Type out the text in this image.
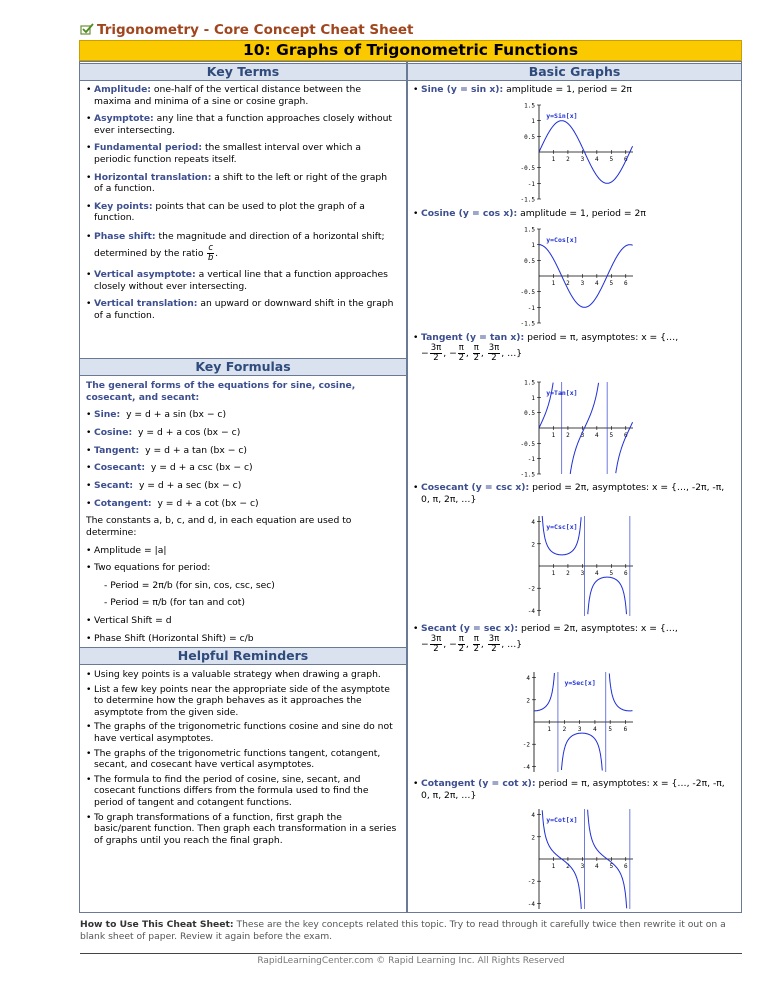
Trigonometry - Core Concept Cheat Sheet
10: Graphs of Trigonometric Functions
Key Terms	Basic Graphs
Key Formulas
Helpful Reminders
• Amplitude: one-half of the vertical distance between the maxima and minima of a sine or cosine graph.
• Asymptote: any line that a function approaches closely without ever intersecting.
• Fundamental period: the smallest interval over which a periodic function repeats itself.
• Horizontal translation: a shift to the left or right of the graph of a function.
• Key points: points that can be used to plot the graph of a function.
• Phase shift: the magnitude and direction of a horizontal shift; determined by the ratio $\frac{c}{b}$ .
• Vertical asymptote: a vertical line that a function approaches closely without ever intersecting.
• Vertical translation: an upward or downward shift in the graph of a function.
The general forms of the equations for sine, cosine, cosecant, and secant:
• Sine: y = d + a sin (bx − c)
• Cosine: y = d + a cos (bx − c)
• Tangent: y = d + a tan (bx − c)
• Cosecant: y = d + a csc (bx − c)
• Secant: y = d + a sec (bx − c)
• Cotangent: y = d + a cot (bx − c)
The constants a, b, c, and d, in each equation are used to determine:
• Amplitude = |a|
• Two equations for period:
- Period = 2π/b (for sin, cos, csc, sec)
- Period = π/b (for tan and cot)
• Vertical Shift = d
• Phase Shift (Horizontal Shift) = c/b
• Using key points is a valuable strategy when drawing a graph.
• List a few key points near the appropriate side of the asymptote to determine how the graph behaves as it approaches the asymptote from the given side.
• The graphs of the trigonometric functions cosine and sine do not have vertical asymptotes.
• The graphs of the trigonometric functions tangent, cotangent, secant, and cosecant have vertical asymptotes.
• The formula to find the period of cosine, sine, secant, and cosecant functions differs from the formula used to find the period of tangent and cotangent functions.
• To graph transformations of a function, first graph the basic/parent function. Then graph each transformation in a series of graphs until you reach the final graph.
• Sine (y = sin x): amplitude = 1, period = 2π
• Cosine (y = cos x): amplitude = 1, period = 2π
• Tangent (y = tan x): period = π, asymptotes: x = {…,
− $\frac{3\pi}{2}$ , − $\frac{\pi}{2}$ , $\frac{\pi}{2}$ , $\frac{3\pi}{2}$ , …}
• Cosecant (y = csc x): period = 2π, asymptotes: x = {…, -2π, -π, 0, π, 2π, …}
• Secant (y = sec x): period = 2π, asymptotes: x = {…,
− $\frac{3\pi}{2}$ , − $\frac{\pi}{2}$ , $\frac{\pi}{2}$ , $\frac{3\pi}{2}$ , …}
• Cotangent (y = cot x): period = π, asymptotes: x = {…, -2π, -π, 0, π, 2π, …}
1.5
1
0.5
-0.5
-1
-1.5
1 2 3 4 5 6
y=Sin[x]
1.5
1
0.5
-0.5
-1
-1.5
1 2 3 4 5 6
y=Cos[x]
1.5
1
0.5
-0.5
-1
-1.5
1 2 3 4 5 6
y=Tan[x]
4
2
-2
-4
1 2 3 4 5 6
y=Csc[x]
4
2
-2
-4
1 2 3 4 5 6
y=Sec[x]
4
2
-2
-4
1 2 3 4 5 6
y=Cot[x]
How to Use This Cheat Sheet: These are the key concepts related this topic. Try to read through it carefully twice then rewrite it out on a blank sheet of paper. Review it again before the exam.
RapidLearningCenter.com © Rapid Learning Inc. All Rights Reserved
